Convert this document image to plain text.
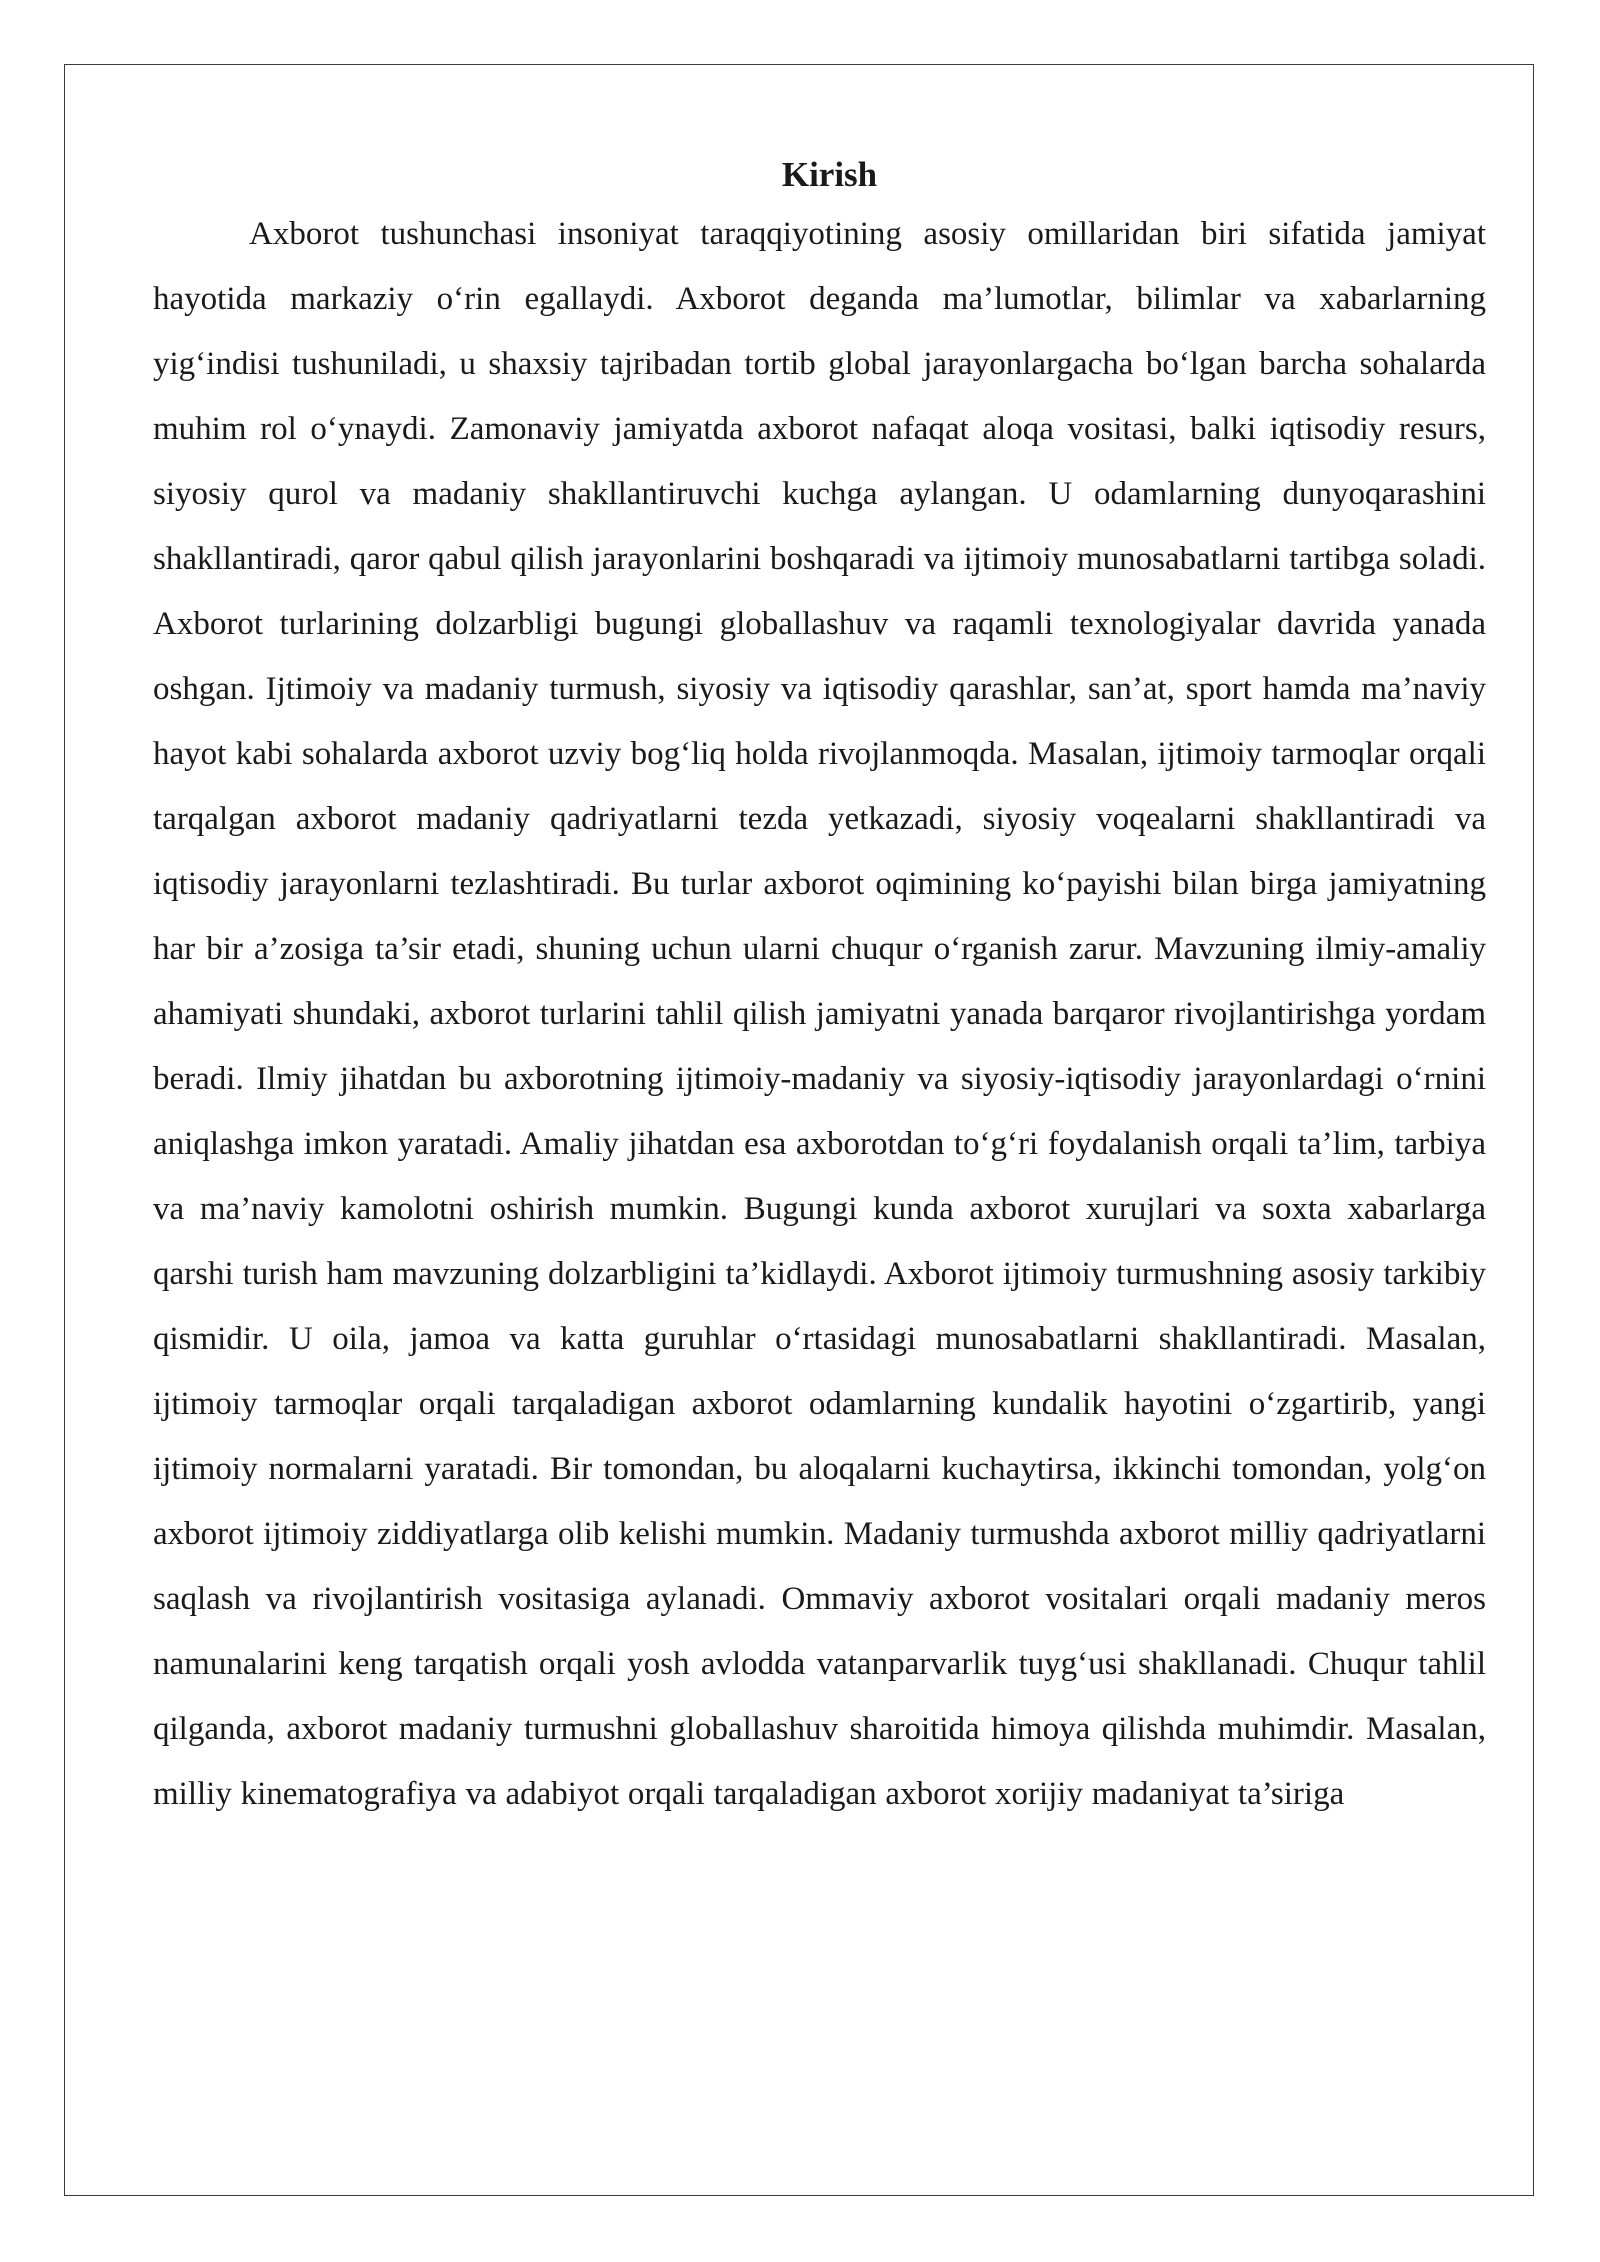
Kirish

Axborot tushunchasi insoniyat taraqqiyotining asosiy omillaridan biri sifatida jamiyat hayotida markaziy o‘rin egallaydi. Axborot deganda ma’lumotlar, bilimlar va xabarlarning yig‘indisi tushuniladi, u shaxsiy tajribadan tortib global jarayonlargacha bo‘lgan barcha sohalarda muhim rol o‘ynaydi. Zamonaviy jamiyatda axborot nafaqat aloqa vositasi, balki iqtisodiy resurs, siyosiy qurol va madaniy shakllantiruvchi kuchga aylangan. U odamlarning dunyoqarashini shakllantiradi, qaror qabul qilish jarayonlarini boshqaradi va ijtimoiy munosabatlarni tartibga soladi. Axborot turlarining dolzarbligi bugungi globallashuv va raqamli texnologiyalar davrida yanada oshgan. Ijtimoiy va madaniy turmush, siyosiy va iqtisodiy qarashlar, san’at, sport hamda ma’naviy hayot kabi sohalarda axborot uzviy bog‘liq holda rivojlanmoqda. Masalan, ijtimoiy tarmoqlar orqali tarqalgan axborot madaniy qadriyatlarni tezda yetkazadi, siyosiy voqealarni shakllantiradi va iqtisodiy jarayonlarni tezlashtiradi. Bu turlar axborot oqimining ko‘payishi bilan birga jamiyatning har bir a’zosiga ta’sir etadi, shuning uchun ularni chuqur o‘rganish zarur. Mavzuning ilmiy-amaliy ahamiyati shundaki, axborot turlarini tahlil qilish jamiyatni yanada barqaror rivojlantirishga yordam beradi. Ilmiy jihatdan bu axborotning ijtimoiy-madaniy va siyosiy-iqtisodiy jarayonlardagi o‘rnini aniqlashga imkon yaratadi. Amaliy jihatdan esa axborotdan to‘g‘ri foydalanish orqali ta’lim, tarbiya va ma’naviy kamolotni oshirish mumkin. Bugungi kunda axborot xurujlari va soxta xabarlarga qarshi turish ham mavzuning dolzarbligini ta’kidlaydi. Axborot ijtimoiy turmushning asosiy tarkibiy qismidir. U oila, jamoa va katta guruhlar o‘rtasidagi munosabatlarni shakllantiradi. Masalan, ijtimoiy tarmoqlar orqali tarqaladigan axborot odamlarning kundalik hayotini o‘zgartirib, yangi ijtimoiy normalarni yaratadi. Bir tomondan, bu aloqalarni kuchaytirsa, ikkinchi tomondan, yolg‘on axborot ijtimoiy ziddiyatlarga olib kelishi mumkin. Madaniy turmushda axborot milliy qadriyatlarni saqlash va rivojlantirish vositasiga aylanadi. Ommaviy axborot vositalari orqali madaniy meros namunalarini keng tarqatish orqali yosh avlodda vatanparvarlik tuyg‘usi shakllanadi. Chuqur tahlil qilganda, axborot madaniy turmushni globallashuv sharoitida himoya qilishda muhimdir. Masalan, milliy kinematografiya va adabiyot orqali tarqaladigan axborot xorijiy madaniyat ta’siriga
